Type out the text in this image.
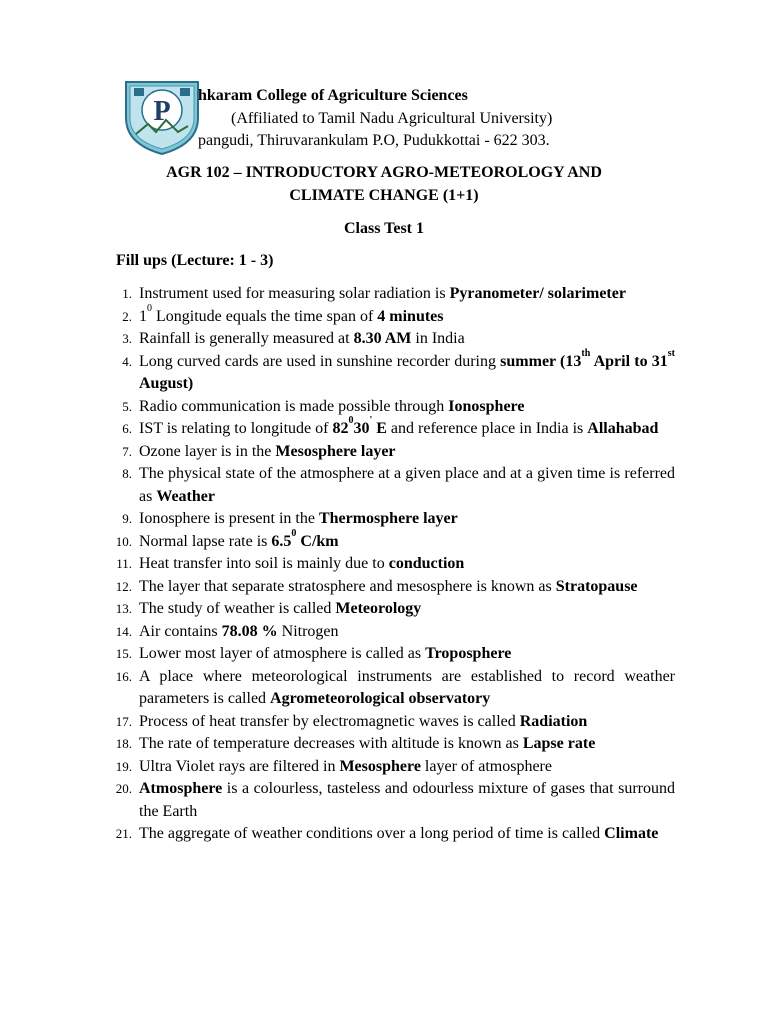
P
hkaram College of Agriculture Sciences
(Affiliated to Tamil Nadu Agricultural University)
pangudi, Thiruvarankulam P.O, Pudukkottai - 622 303.
AGR 102 – INTRODUCTORY AGRO-METEOROLOGY AND
CLIMATE CHANGE (1+1)
Class Test 1
Fill ups (Lecture: 1 - 3)
1. Instrument used for measuring solar radiation is Pyranometer/ solarimeter
2. $1^0$ Longitude equals the time span of 4 minutes
3. Rainfall is generally measured at 8.30 AM in India
4. Long curved cards are used in sunshine recorder during summer (13th April to 31st August)
5. Radio communication is made possible through Ionosphere
6. IST is relating to longitude of $82^030'$ E and reference place in India is Allahabad
7. Ozone layer is in the Mesosphere layer
8. The physical state of the atmosphere at a given place and at a given time is referred as Weather
9. Ionosphere is present in the Thermosphere layer
10. Normal lapse rate is $6.5^0$ C/km
11. Heat transfer into soil is mainly due to conduction
12. The layer that separate stratosphere and mesosphere is known as Stratopause
13. The study of weather is called Meteorology
14. Air contains 78.08 % Nitrogen
15. Lower most layer of atmosphere is called as Troposphere
16. A place where meteorological instruments are established to record weather parameters is called Agrometeorological observatory
17. Process of heat transfer by electromagnetic waves is called Radiation
18. The rate of temperature decreases with altitude is known as Lapse rate
19. Ultra Violet rays are filtered in Mesosphere layer of atmosphere
20. Atmosphere is a colourless, tasteless and odourless mixture of gases that surround the Earth
21. The aggregate of weather conditions over a long period of time is called Climate
